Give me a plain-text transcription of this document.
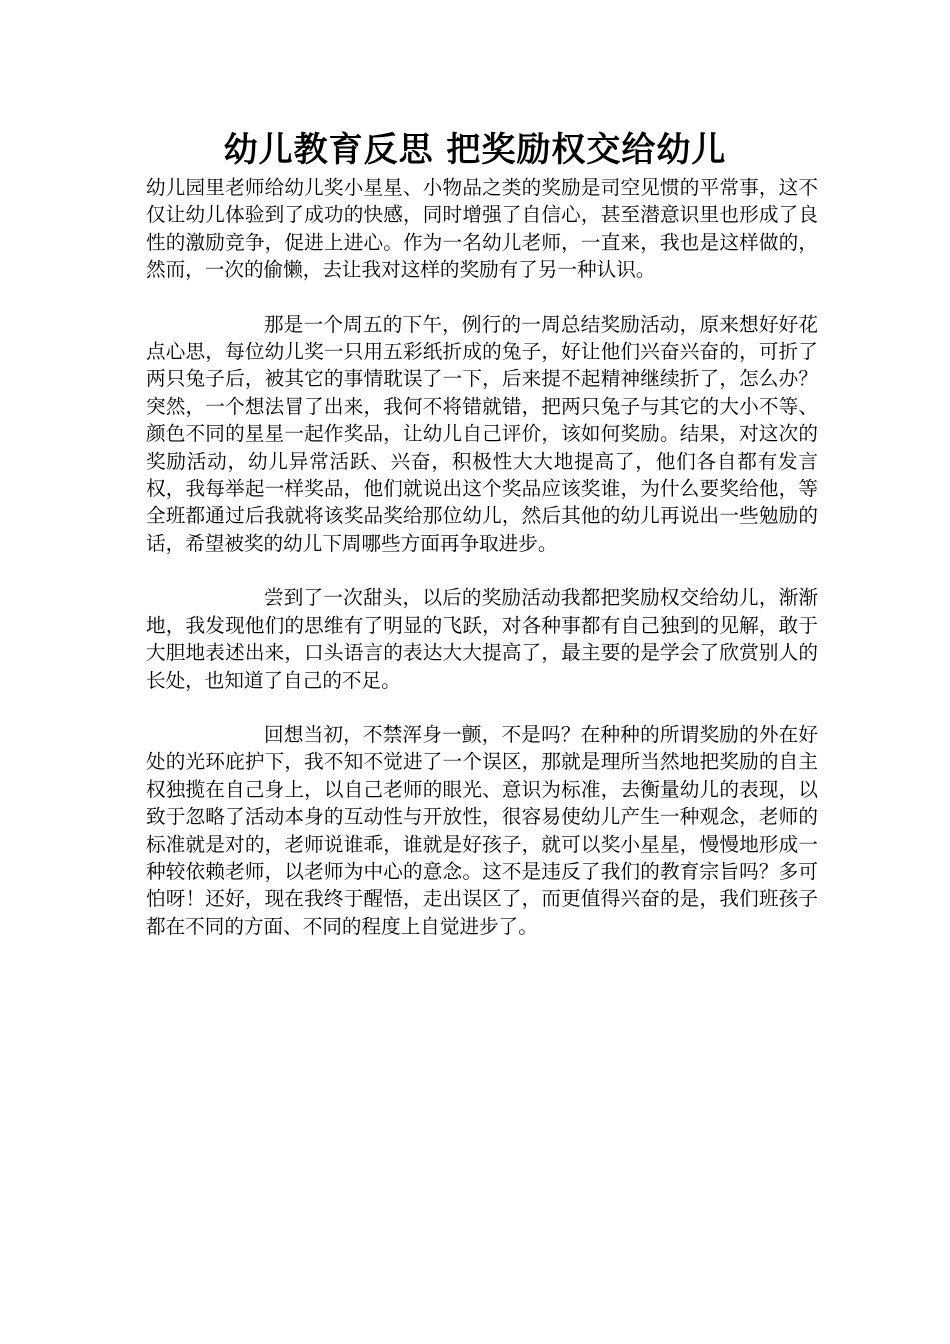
幼儿教育反思 把奖励权交给幼儿

幼儿园里老师给幼儿奖小星星、小物品之类的奖励是司空见惯的平常事，这不仅让幼儿体验到了成功的快感，同时增强了自信心，甚至潜意识里也形成了良性的激励竞争，促进上进心。作为一名幼儿老师，一直来，我也是这样做的，然而，一次的偷懒，去让我对这样的奖励有了另一种认识。

那是一个周五的下午，例行的一周总结奖励活动，原来想好好花点心思，每位幼儿奖一只用五彩纸折成的兔子，好让他们兴奋兴奋的，可折了两只兔子后，被其它的事情耽误了一下，后来提不起精神继续折了，怎么办？突然，一个想法冒了出来，我何不将错就错，把两只兔子与其它的大小不等、颜色不同的星星一起作奖品，让幼儿自己评价，该如何奖励。结果，对这次的奖励活动，幼儿异常活跃、兴奋，积极性大大地提高了，他们各自都有发言权，我每举起一样奖品，他们就说出这个奖品应该奖谁，为什么要奖给他，等全班都通过后我就将该奖品奖给那位幼儿，然后其他的幼儿再说出一些勉励的话，希望被奖的幼儿下周哪些方面再争取进步。

尝到了一次甜头，以后的奖励活动我都把奖励权交给幼儿，渐渐地，我发现他们的思维有了明显的飞跃，对各种事都有自己独到的见解，敢于大胆地表述出来，口头语言的表达大大提高了，最主要的是学会了欣赏别人的长处，也知道了自己的不足。

回想当初，不禁浑身一颤，不是吗？在种种的所谓奖励的外在好处的光环庇护下，我不知不觉进了一个误区，那就是理所当然地把奖励的自主权独揽在自己身上，以自己老师的眼光、意识为标准，去衡量幼儿的表现，以致于忽略了活动本身的互动性与开放性，很容易使幼儿产生一种观念，老师的标准就是对的，老师说谁乖，谁就是好孩子，就可以奖小星星，慢慢地形成一种较依赖老师，以老师为中心的意念。这不是违反了我们的教育宗旨吗？多可怕呀！还好，现在我终于醒悟，走出误区了，而更值得兴奋的是，我们班孩子都在不同的方面、不同的程度上自觉进步了。
